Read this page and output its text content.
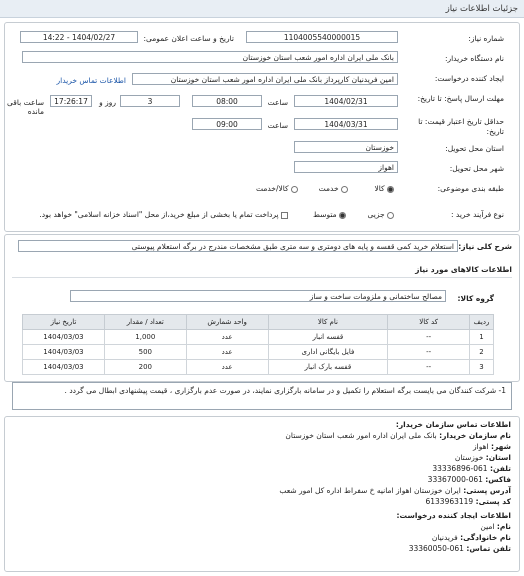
جزئیات اطلاعات نیاز
شماره نیاز:
1104005540000015
تاریخ و ساعت اعلان عمومی:
1404/02/27 - 14:22
نام دستگاه خریدار:
بانک ملی ایران اداره امور شعب استان خوزستان
ایجاد کننده درخواست:
امین فریدنیان کارپرداز بانک ملی ایران اداره امور شعب استان خوزستان
اطلاعات تماس خریدار
مهلت ارسال پاسخ: تا تاریخ:
1404/02/31
ساعت
08:00
3
روز و
17:26:17
ساعت باقی مانده
حداقل تاریخ اعتبار قیمت: تا تاریخ:
1404/03/31
ساعت
09:00
استان محل تحویل:
خوزستان
شهر محل تحویل:
اهواز
طبقه بندی موضوعی:
کالا
خدمت
کالا/خدمت
نوع فرآیند خرید :
جزیی
متوسط
پرداخت تمام یا بخشی از مبلغ خرید،از محل "اسناد خزانه اسلامی" خواهد بود.
شرح کلی نیاز:
استعلام خرید کمی قفسه و پایه های دومتری و سه متری طبق مشخصات مندرج در برگه استعلام پیوستی
اطلاعات کالاهای مورد نیاز
گروه کالا:
مصالح ساختمانی و ملزومات ساخت و ساز
ردیف	کد کالا	نام کالا	واحد شمارش	تعداد / مقدار	تاریخ نیاز
1	--	قفسه انبار	عدد	1,000	1404/03/03
2	--	فایل بایگانی اداری	عدد	500	1404/03/03
3	--	قفسه بارک انبار	عدد	200	1404/03/03
1- شرکت کنندگان می بایست برگه استعلام را تکمیل و در سامانه بارگزاری نمایند، در صورت عدم بارگزاری ، قیمت پیشنهادی ابطال می گردد .
اطلاعات تماس سازمان خریدار:
نام سازمان خریدار: بانک ملی ایران اداره امور شعب استان خوزستان
شهر: اهواز
استان: خوزستان
تلفن: 061-33336896
فاکس: 061-33367000
آدرس پستی: ایران خوزستان اهواز امانیه خ سفراط اداره کل امور شعب
کد پستی: 6133963119
اطلاعات ایجاد کننده درخواست:
نام: امین
نام خانوادگی: فریدنیان
تلفن تماس: 061-33360050
